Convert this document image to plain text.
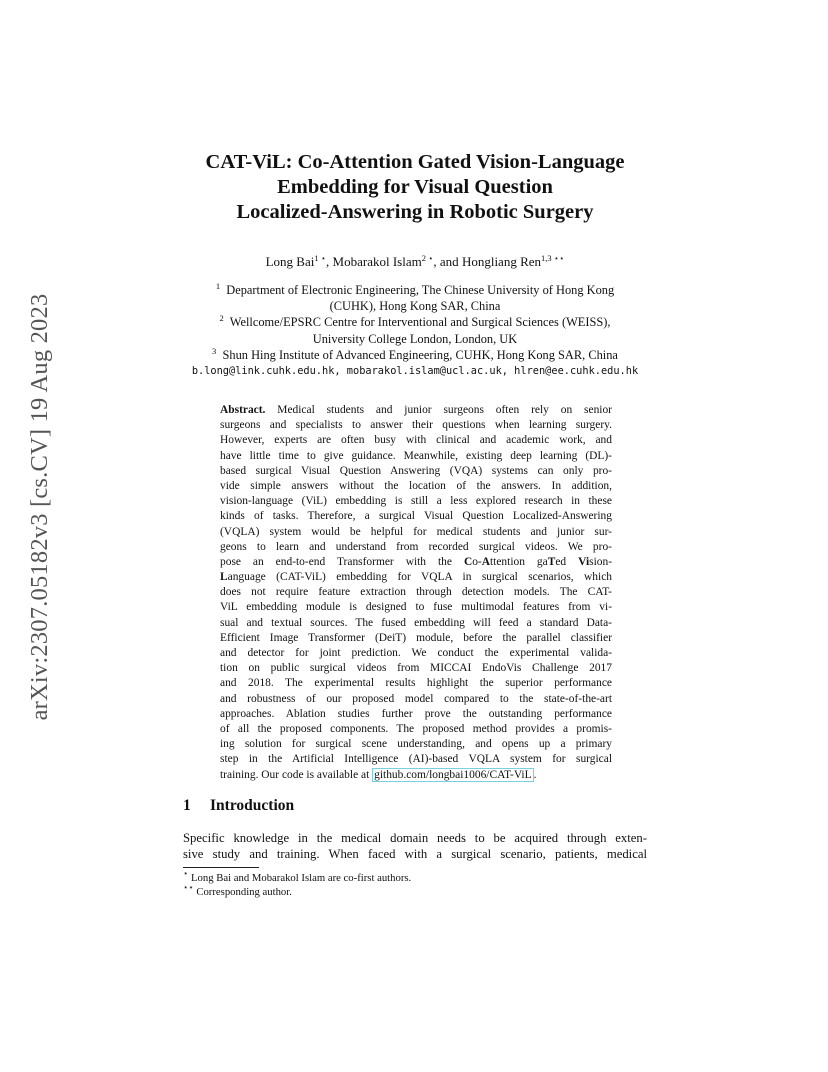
arXiv:2307.05182v3 [cs.CV] 19 Aug 2023
CAT-ViL: Co-Attention Gated Vision-Language
Embedding for Visual Question
Localized-Answering in Robotic Surgery
Long Bai$^{1 ⋆}$, Mobarakol Islam$^{2 ⋆}$, and Hongliang Ren$^{1,3 ⋆⋆}$
$^1$ Department of Electronic Engineering, The Chinese University of Hong Kong
(CUHK), Hong Kong SAR, China
$^2$ Wellcome/EPSRC Centre for Interventional and Surgical Sciences (WEISS),
University College London, London, UK
$^3$ Shun Hing Institute of Advanced Engineering, CUHK, Hong Kong SAR, China
b.long@link.cuhk.edu.hk, mobarakol.islam@ucl.ac.uk, hlren@ee.cuhk.edu.hk
Abstract. Medical students and junior surgeons often rely on senior
surgeons and specialists to answer their questions when learning surgery.
However, experts are often busy with clinical and academic work, and
have little time to give guidance. Meanwhile, existing deep learning (DL)-
based surgical Visual Question Answering (VQA) systems can only pro-
vide simple answers without the location of the answers. In addition,
vision-language (ViL) embedding is still a less explored research in these
kinds of tasks. Therefore, a surgical Visual Question Localized-Answering
(VQLA) system would be helpful for medical students and junior sur-
geons to learn and understand from recorded surgical videos. We pro-
pose an end-to-end Transformer with the Co-Attention gaTed Vision-
Language (CAT-ViL) embedding for VQLA in surgical scenarios, which
does not require feature extraction through detection models. The CAT-
ViL embedding module is designed to fuse multimodal features from vi-
sual and textual sources. The fused embedding will feed a standard Data-
Efficient Image Transformer (DeiT) module, before the parallel classifier
and detector for joint prediction. We conduct the experimental valida-
tion on public surgical videos from MICCAI EndoVis Challenge 2017
and 2018. The experimental results highlight the superior performance
and robustness of our proposed model compared to the state-of-the-art
approaches. Ablation studies further prove the outstanding performance
of all the proposed components. The proposed method provides a promis-
ing solution for surgical scene understanding, and opens up a primary
step in the Artificial Intelligence (AI)-based VQLA system for surgical
training. Our code is available at github.com/longbai1006/CAT-ViL .
1 Introduction
Specific knowledge in the medical domain needs to be acquired through exten-
sive study and training. When faced with a surgical scenario, patients, medical
⋆ Long Bai and Mobarakol Islam are co-first authors.
⋆⋆ Corresponding author.
